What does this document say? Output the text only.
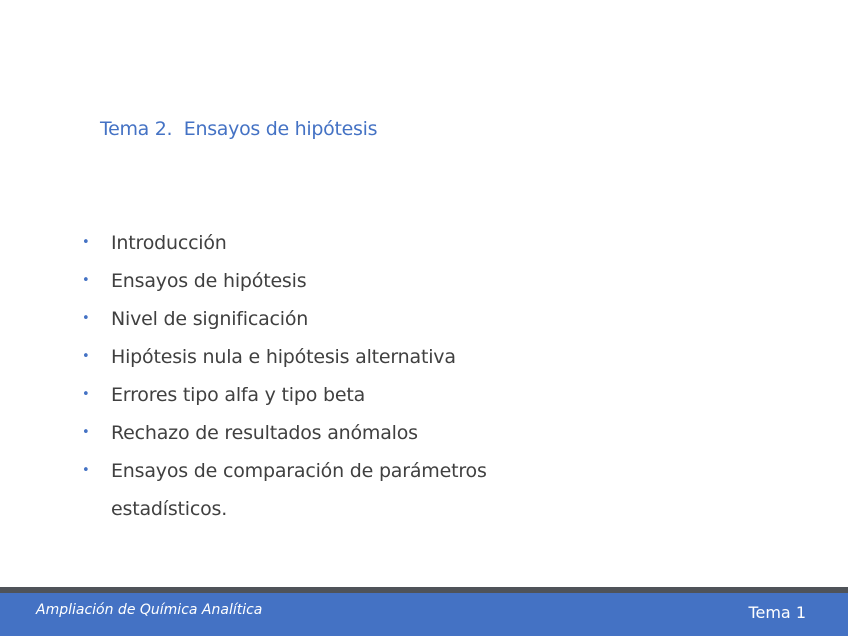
Tema 2.  Ensayos de hipótesis
• Introducción
• Ensayos de hipótesis
• Nivel de significación
• Hipótesis nula e hipótesis alternativa
• Errores tipo alfa y tipo beta
• Rechazo de resultados anómalos
• Ensayos de comparación de parámetros estadísticos.
Ampliación de Química Analítica	Tema 1
